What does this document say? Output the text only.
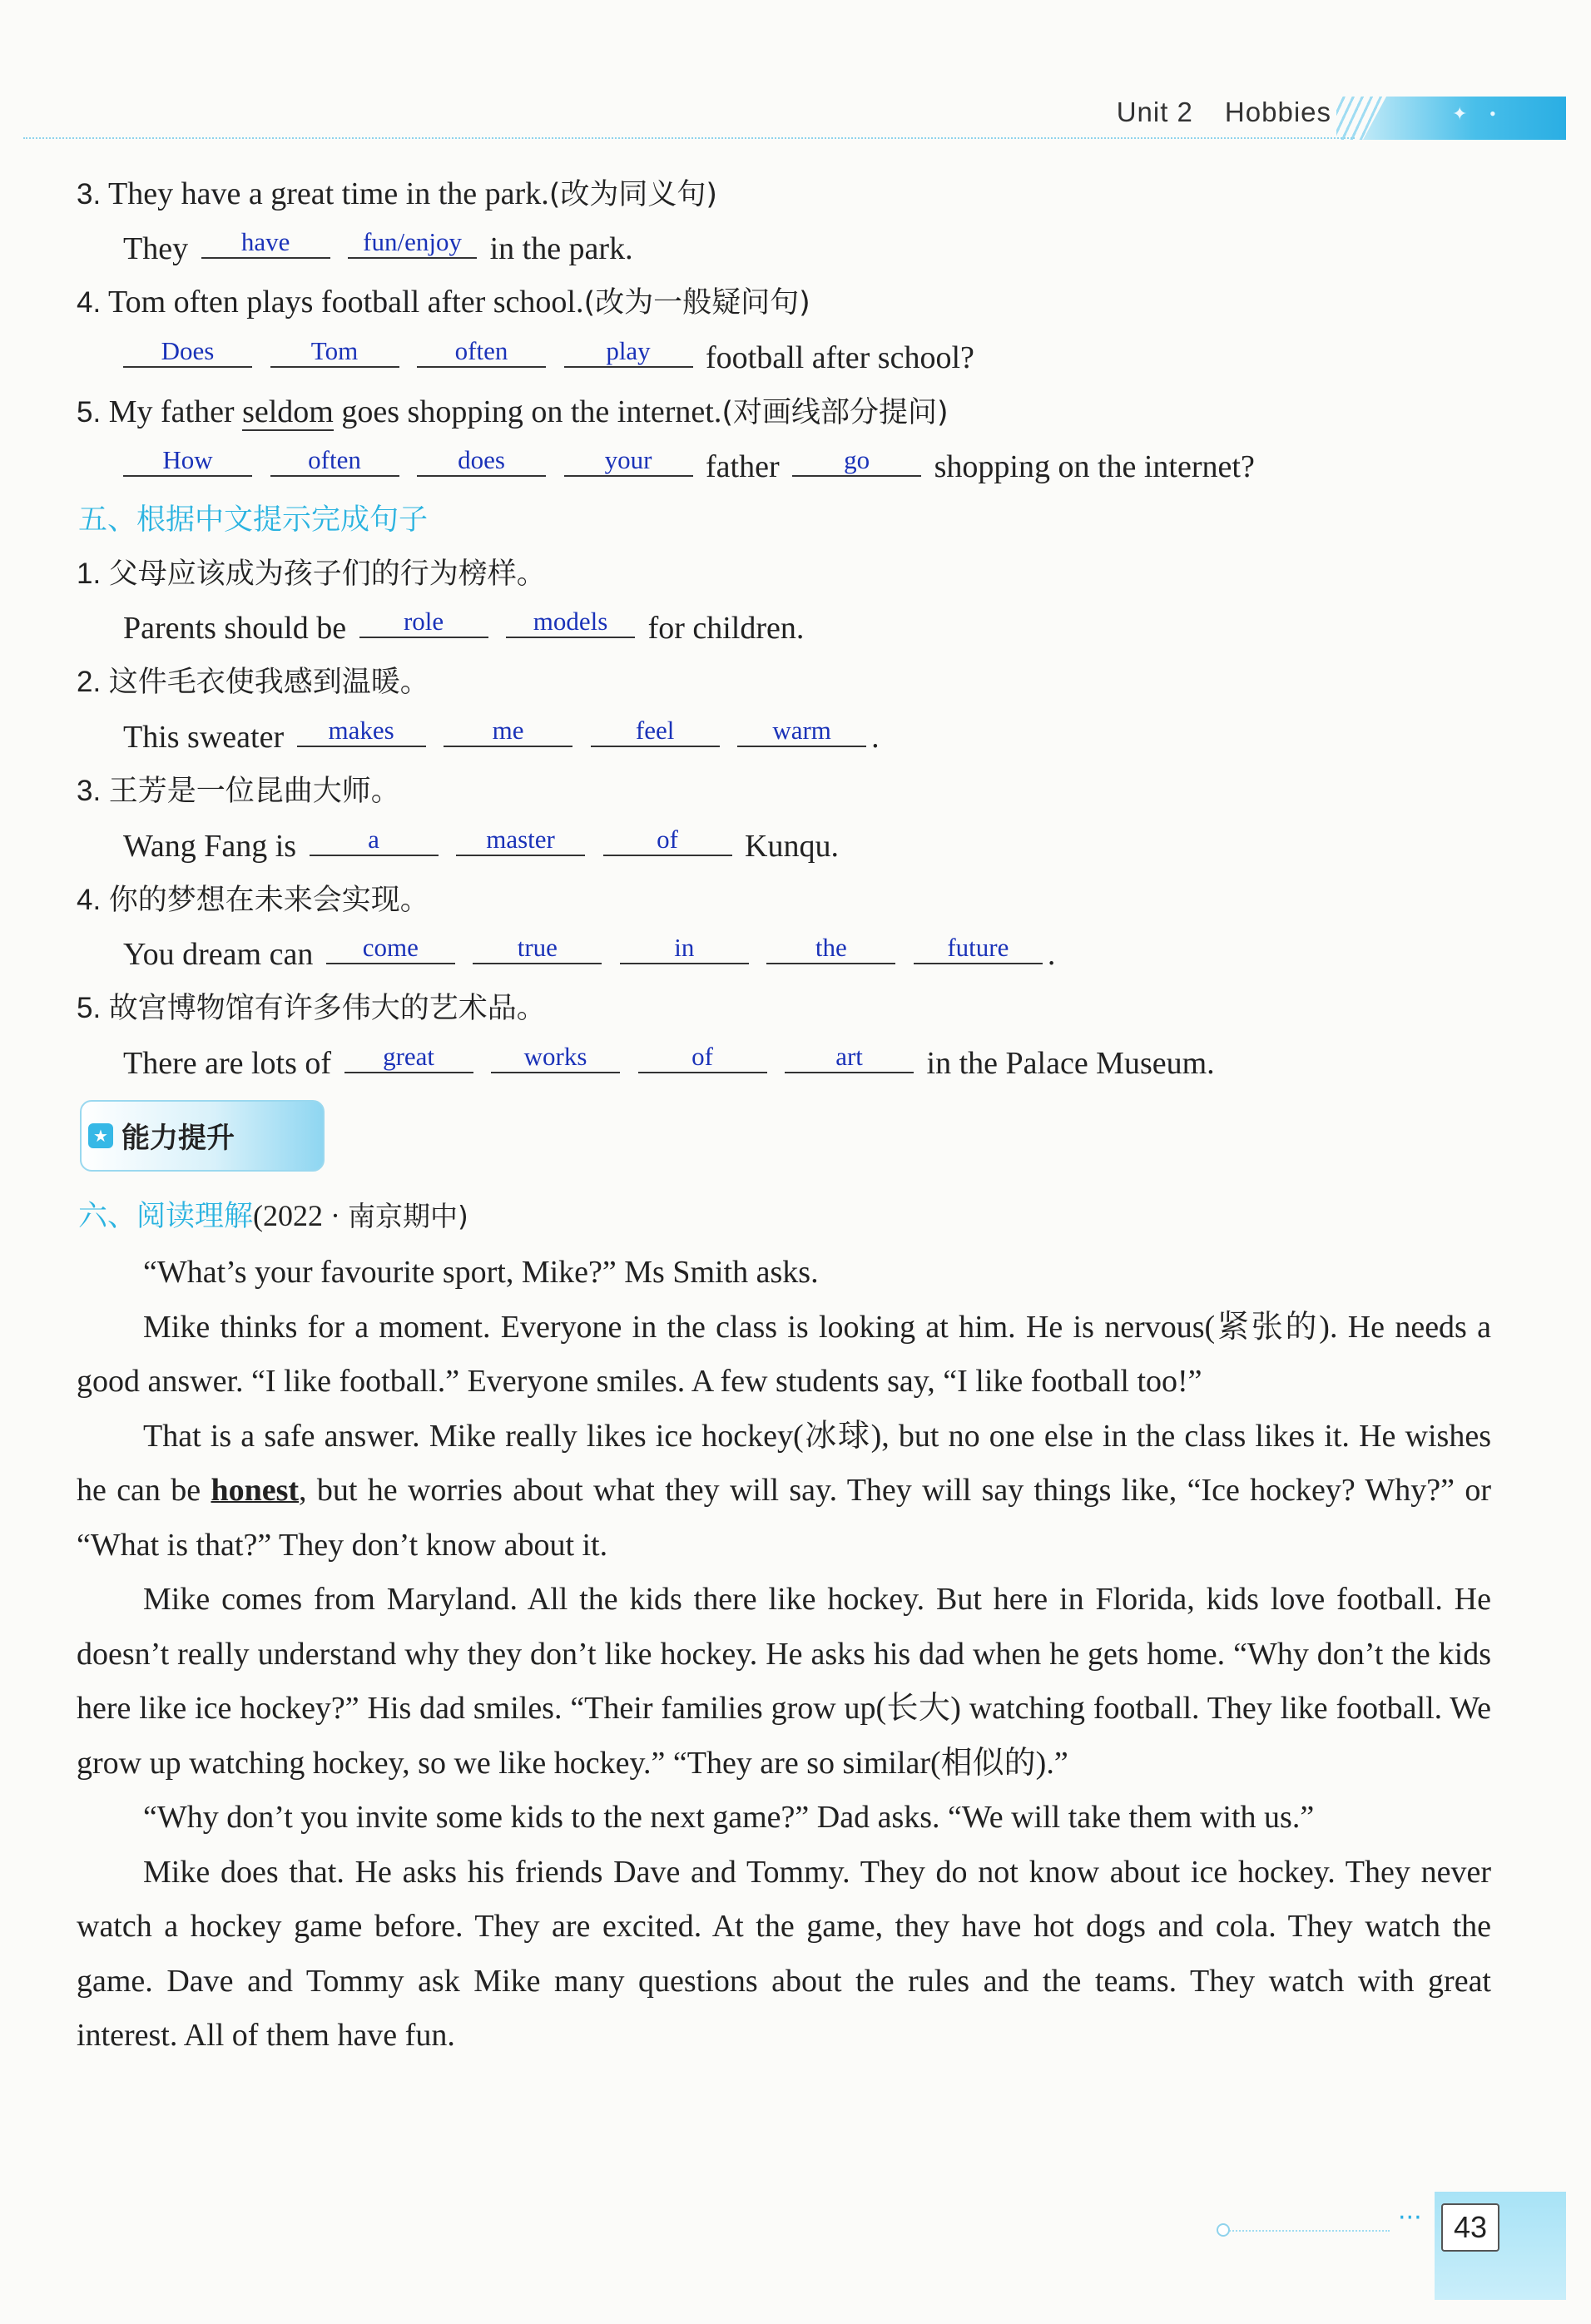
Unit 2 Hobbies	✦ •
3. They have a great time in the park.(改为同义句)
They have	fun/enjoy in the park.
4. Tom often plays football after school.(改为一般疑问句)
Does	Tom	often	play football after school?
5. My father seldom goes shopping on the internet.(对画线部分提问)
How	often	does	your father	go shopping on the internet?
五、根据中文提示完成句子
1. 父母应该成为孩子们的行为榜样。
Parents should be role	models for children.
2. 这件毛衣使我感到温暖。
This sweater makes	me	feel	warm .
3. 王芳是一位昆曲大师。
Wang Fang is	a	master	of Kunqu.
4. 你的梦想在未来会实现。
You dream can come	true	in	the	future .
5. 故宫博物馆有许多伟大的艺术品。
There are lots of great	works	of	art in the Palace Museum.
★ 能力提升
六、阅读理解(2022 · 南京期中)

“What’s your favourite sport, Mike?” Ms Smith asks.

Mike thinks for a moment. Everyone in the class is looking at him. He is nervous(紧张的). He needs a good answer. “I like football.” Everyone smiles. A few students say, “I like football too!”

That is a safe answer. Mike really likes ice hockey(冰球), but no one else in the class likes it. He wishes he can be honest, but he worries about what they will say. They will say things like, “Ice hockey? Why?” or “What is that?” They don’t know about it.

Mike comes from Maryland. All the kids there like hockey. But here in Florida, kids love football. He doesn’t really understand why they don’t like hockey. He asks his dad when he gets home. “Why don’t the kids here like ice hockey?” His dad smiles. “Their families grow up(长大) watching football. They like football. We grow up watching hockey, so we like hockey.” “They are so similar(相似的).”

“Why don’t you invite some kids to the next game?” Dad asks. “We will take them with us.”

Mike does that. He asks his friends Dave and Tommy. They do not know about ice hockey. They never watch a hockey game before. They are excited. At the game, they have hot dogs and cola. They watch the game. Dave and Tommy ask Mike many questions about the rules and the teams. They watch with great interest. All of them have fun.

···	43
